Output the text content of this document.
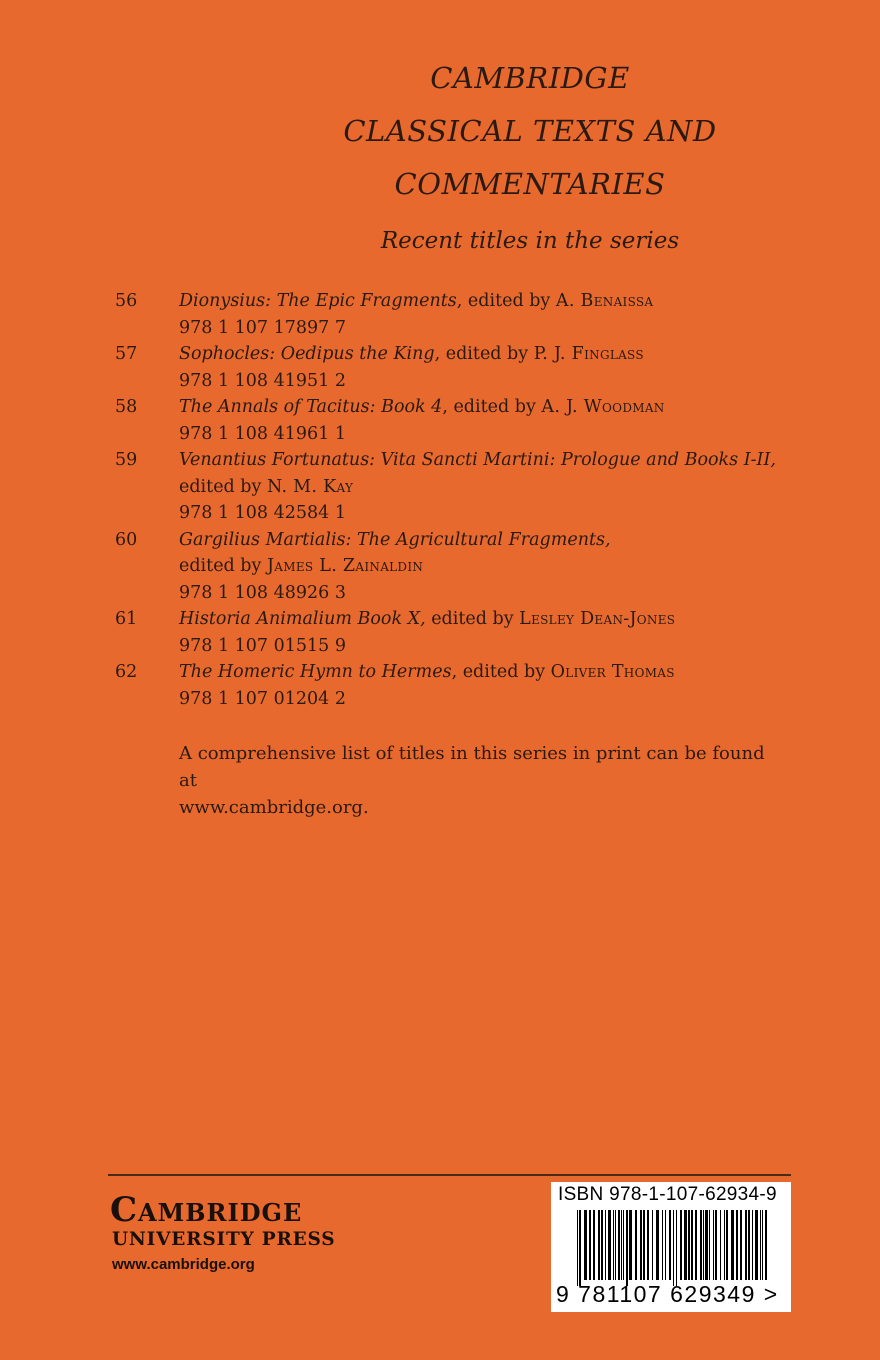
CAMBRIDGE
CLASSICAL TEXTS AND
COMMENTARIES
Recent titles in the series
56 Dionysius: The Epic Fragments, edited by A. Benaissa
978 1 107 17897 7
57 Sophocles: Oedipus the King, edited by P. J. Finglass
978 1 108 41951 2
58 The Annals of Tacitus: Book 4, edited by A. J. Woodman
978 1 108 41961 1
59 Venantius Fortunatus: Vita Sancti Martini: Prologue and Books I-II,
edited by N. M. Kay
978 1 108 42584 1
60 Gargilius Martialis: The Agricultural Fragments,
edited by James L. Zainaldin
978 1 108 48926 3
61 Historia Animalium Book X, edited by Lesley Dean-Jones
978 1 107 01515 9
62 The Homeric Hymn to Hermes, edited by Oliver Thomas
978 1 107 01204 2
A comprehensive list of titles in this series in print can be found at
www.cambridge.org.
Cambridge
UNIVERSITY PRESS
www.cambridge.org
ISBN 978-1-107-62934-9
9 781107 629349 >
